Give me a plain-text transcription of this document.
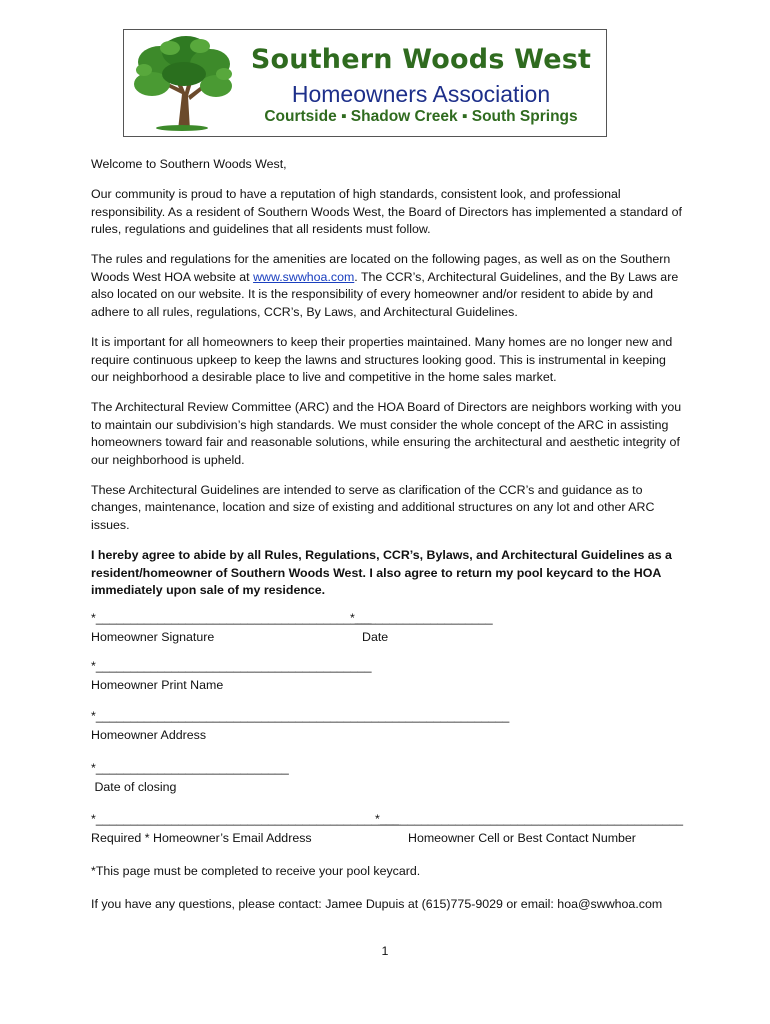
Southern Woods West
Homeowners Association
Courtside ▪ Shadow Creek ▪ South Springs

Welcome to Southern Woods West,

Our community is proud to have a reputation of high standards, consistent look, and professional responsibility. As a resident of Southern Woods West, the Board of Directors has implemented a standard of rules, regulations and guidelines that all residents must follow.

The rules and regulations for the amenities are located on the following pages, as well as on the Southern Woods West HOA website at www.swwhoa.com. The CCR’s, Architectural Guidelines, and the By Laws are also located on our website. It is the responsibility of every homeowner and/or resident to abide by and adhere to all rules, regulations, CCR’s, By Laws, and Architectural Guidelines.

It is important for all homeowners to keep their properties maintained. Many homes are no longer new and require continuous upkeep to keep the lawns and structures looking good. This is instrumental in keeping our neighborhood a desirable place to live and competitive in the home sales market.

The Architectural Review Committee (ARC) and the HOA Board of Directors are neighbors working with you to maintain our subdivision’s high standards. We must consider the whole concept of the ARC in assisting homeowners toward fair and reasonable solutions, while ensuring the architectural and aesthetic integrity of our neighborhood is upheld.

These Architectural Guidelines are intended to serve as clarification of the CCR’s and guidance as to changes, maintenance, location and size of existing and additional structures on any lot and other ARC issues.

I hereby agree to abide by all Rules, Regulations, CCR’s, Bylaws, and Architectural Guidelines as a resident/homeowner of Southern Woods West. I also agree to return my pool keycard to the HOA immediately upon sale of my residence.

*________________________________________
*____________________
Homeowner Signature	Date
*________________________________________
Homeowner Print Name
*____________________________________________________________
Homeowner Address
*____________________________
Date of closing
*____________________________________________
*____________________________________________
Required * Homeowner’s Email Address	Homeowner Cell or Best Contact Number
*This page must be completed to receive your pool keycard.
If you have any questions, please contact: Jamee Dupuis at (615)775-9029 or email: hoa@swwhoa.com
1
